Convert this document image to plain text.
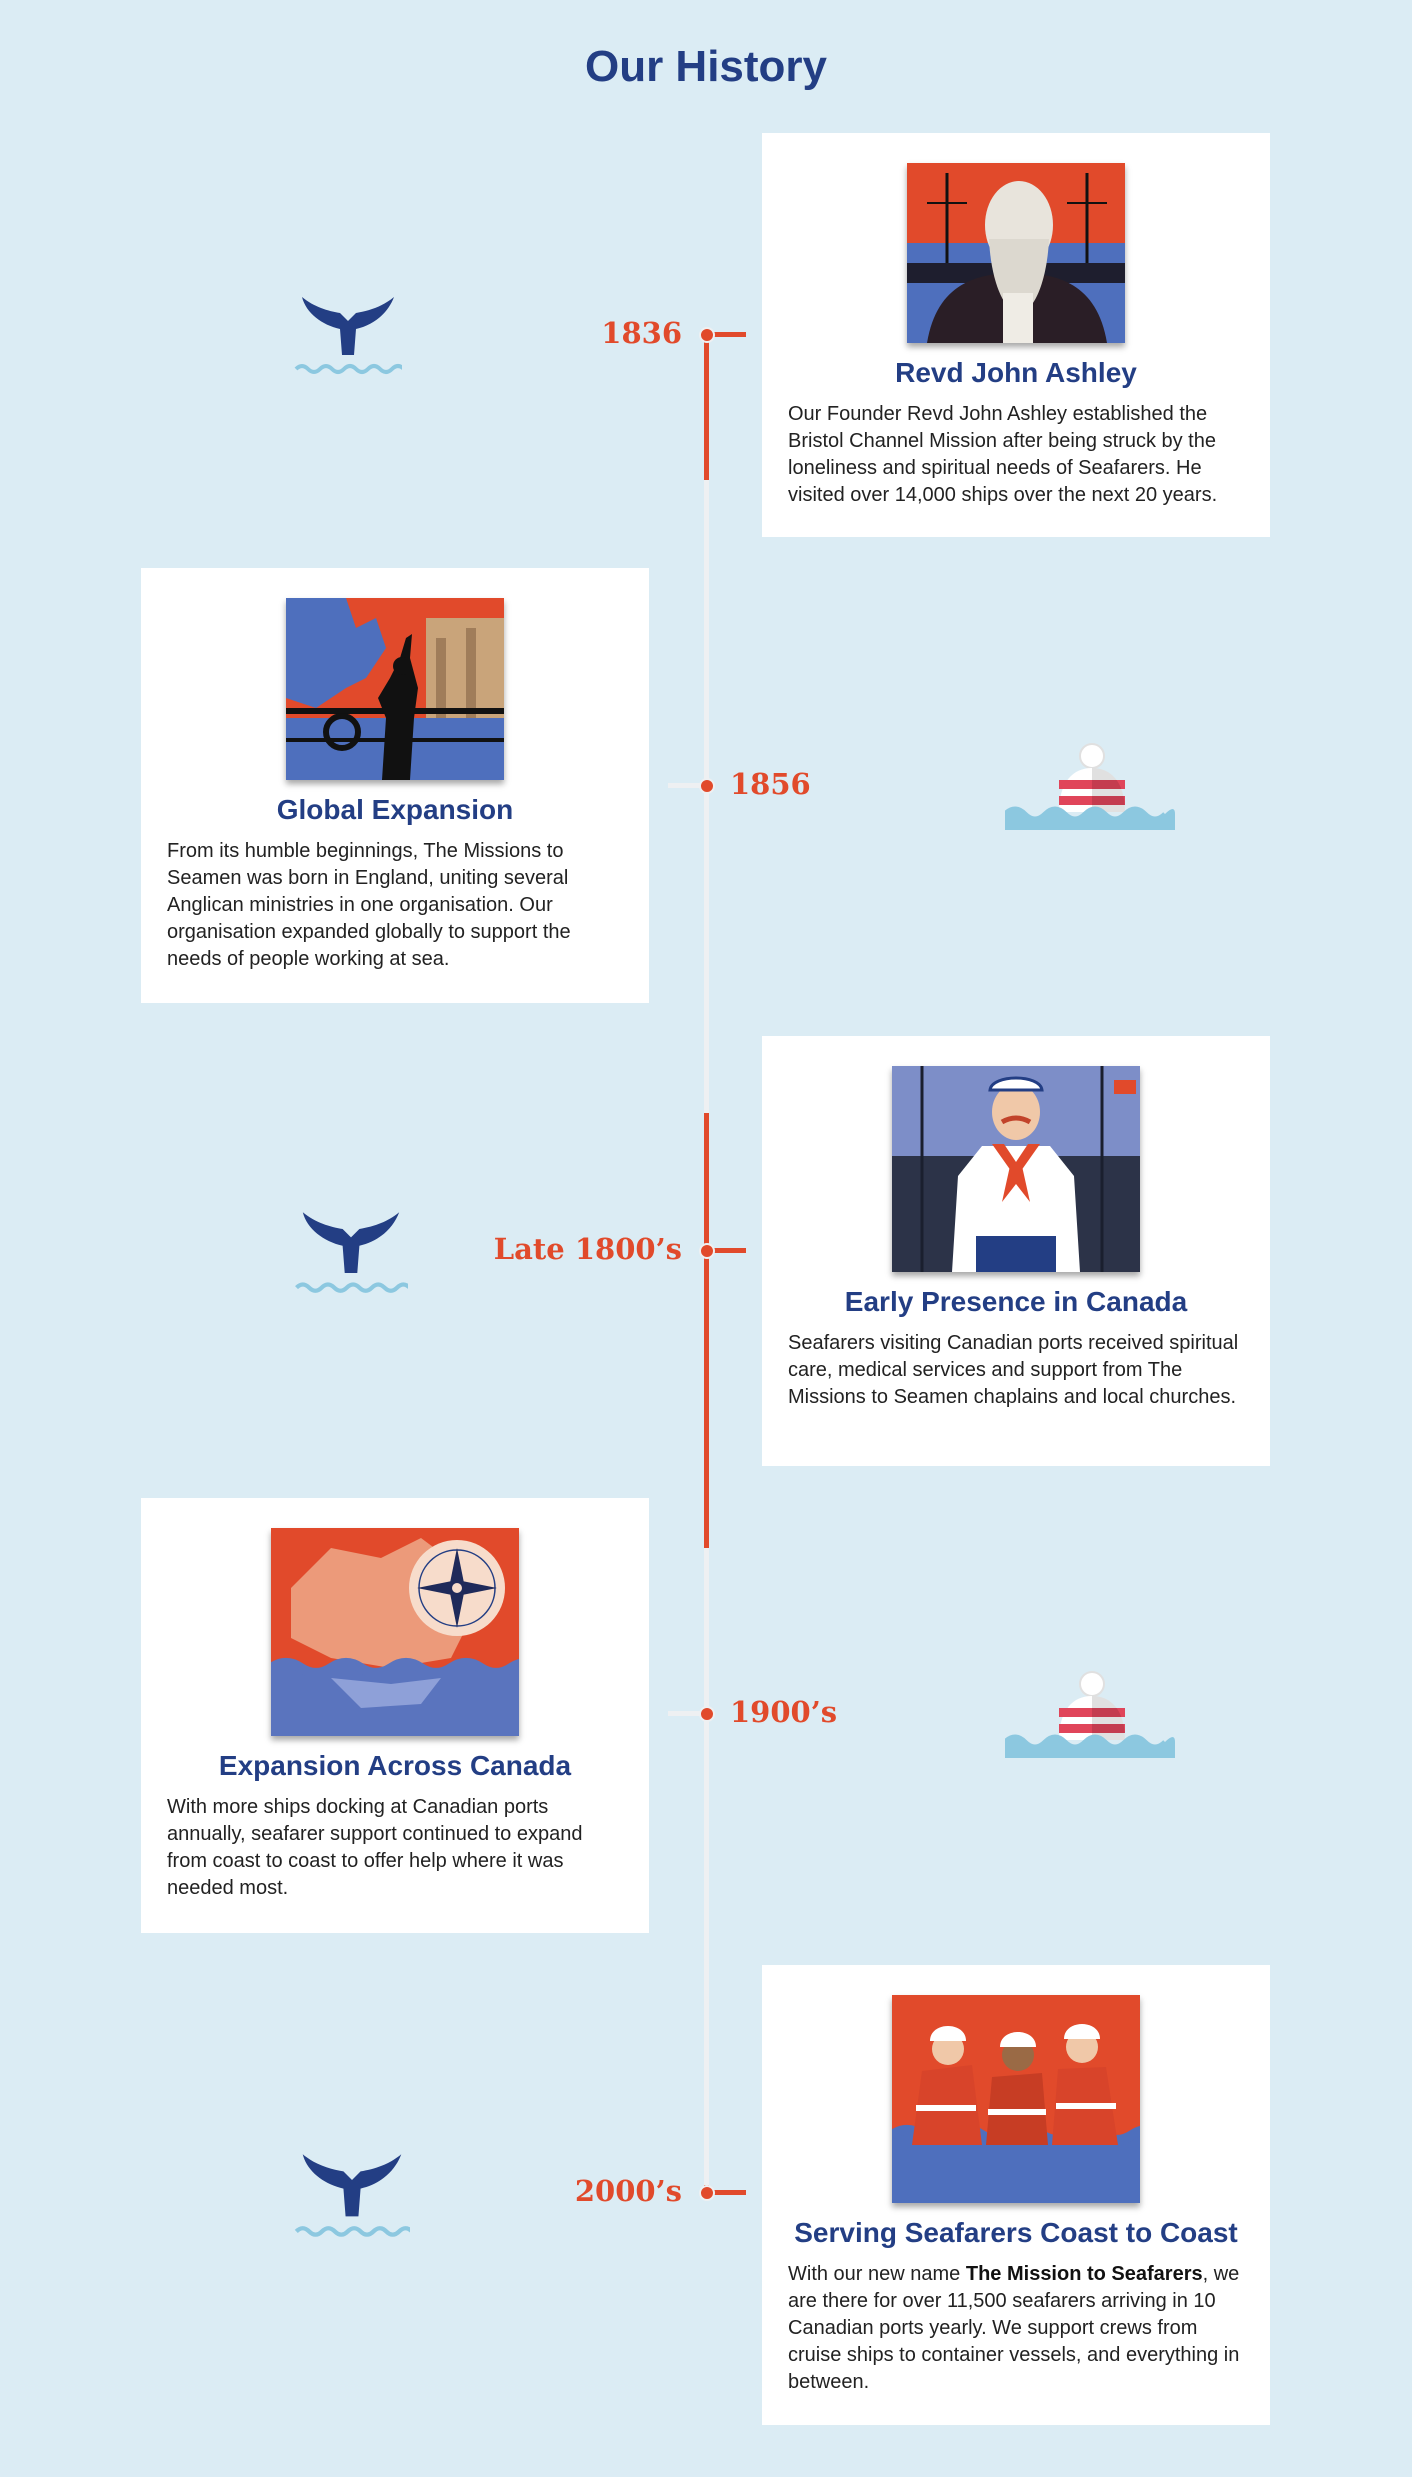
Our History
1836
Revd John Ashley

Our Founder Revd John Ashley established the Bristol Channel Mission after being struck by the loneliness and spiritual needs of Seafarers. He visited over 14,000 ships over the next 20 years.

1856
Global Expansion

From its humble beginnings, The Missions to Seamen was born in England, uniting several Anglican ministries in one organisation. Our organisation expanded globally to support the needs of people working at sea.

Late 1800’s
Early Presence in Canada

Seafarers visiting Canadian ports received spiritual care, medical services and support from The Missions to Seamen chaplains and local churches.

1900’s
Expansion Across Canada

With more ships docking at Canadian ports annually, seafarer support continued to expand from coast to coast to offer help where it was needed most.

2000’s
Serving Seafarers Coast to Coast

With our new name The Mission to Seafarers, we are there for over 11,500 seafarers arriving in 10 Canadian ports yearly. We support crews from cruise ships to container vessels, and everything in between.
